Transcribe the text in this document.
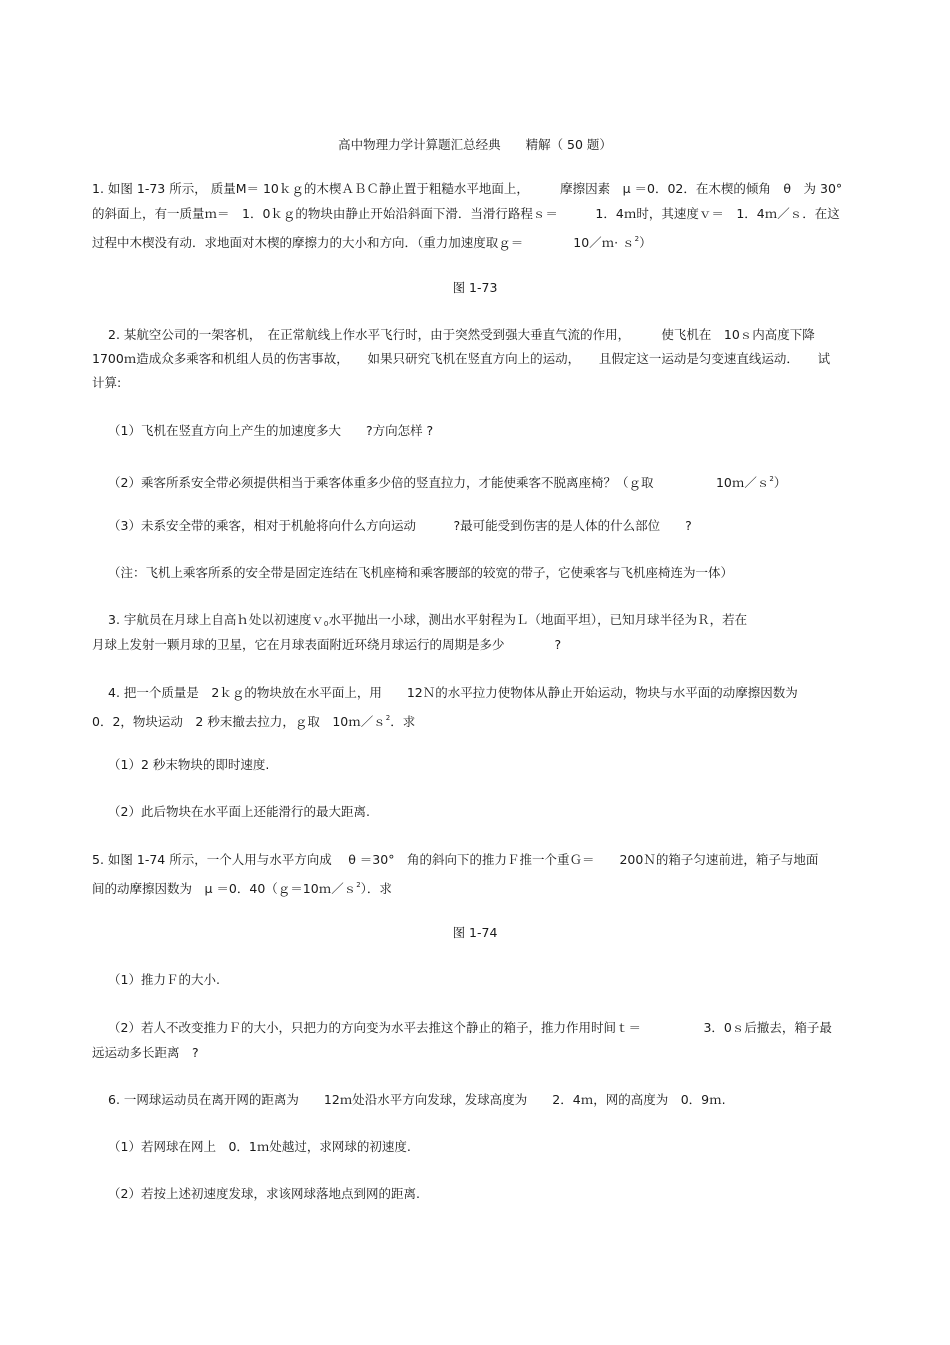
高中物理力学计算题汇总经典　　精解（ 50 题）
1. 如图 1-73 所示， 质量M＝ 10ｋｇ的木楔ＡＢＣ静止置于粗糙水平地面上，　　　摩擦因素　μ ＝0．02．在木楔的倾角　θ　为 30°
的斜面上，有一质量ｍ＝　1．0ｋｇ的物块由静止开始沿斜面下滑．当滑行路程ｓ＝　　　1．4ｍ时，其速度ｖ＝　1．4ｍ／ｓ．在这
过程中木楔没有动．求地面对木楔的摩擦力的大小和方向．（重力加速度取ｇ＝　　　　10／ｍ· ｓ$^2$）
图 1-73
2. 某航空公司的一架客机，　在正常航线上作水平飞行时，由于突然受到强大垂直气流的作用，　　　使飞机在　10ｓ内高度下降
1700ｍ造成众多乘客和机组人员的伤害事故，　　如果只研究飞机在竖直方向上的运动，　　且假定这一运动是匀变速直线运动．　　试
计算:
（1）飞机在竖直方向上产生的加速度多大　　?方向怎样 ?
（2）乘客所系安全带必须提供相当于乘客体重多少倍的竖直拉力，才能使乘客不脱离座椅？（ｇ取　　　　　10ｍ／ｓ$^2$）
（3）未系安全带的乘客，相对于机舱将向什么方向运动　　　?最可能受到伤害的是人体的什么部位　　?
（注：飞机上乘客所系的安全带是固定连结在飞机座椅和乘客腰部的较宽的带子，它使乘客与飞机座椅连为一体）
3. 宇航员在月球上自高ｈ处以初速度ｖ$_0$水平抛出一小球，测出水平射程为Ｌ（地面平坦），已知月球半径为Ｒ，若在
月球上发射一颗月球的卫星，它在月球表面附近环绕月球运行的周期是多少　　　　?
4. 把一个质量是　2ｋｇ的物块放在水平面上，用　　12Ｎ的水平拉力使物体从静止开始运动，物块与水平面的动摩擦因数为
0．2，物块运动　2 秒末撤去拉力，ｇ取　10ｍ／ｓ$^2$．求
（1）2 秒末物块的即时速度.
（2）此后物块在水平面上还能滑行的最大距离.
5. 如图 1-74 所示，一个人用与水平方向成　 θ ＝30°　角的斜向下的推力Ｆ推一个重Ｇ＝　　200Ｎ的箱子匀速前进，箱子与地面
间的动摩擦因数为　μ ＝0．40（ｇ＝10ｍ／ｓ$^2$）．求
图 1-74
（1）推力Ｆ的大小.
（2）若人不改变推力Ｆ的大小，只把力的方向变为水平去推这个静止的箱子，推力作用时间ｔ＝　　　　　3．0ｓ后撤去，箱子最
远运动多长距离　?
6. 一网球运动员在离开网的距离为　　12ｍ处沿水平方向发球，发球高度为　　2．4ｍ，网的高度为　0．9ｍ.
（1）若网球在网上　0．1ｍ处越过，求网球的初速度.
（2）若按上述初速度发球，求该网球落地点到网的距离.
